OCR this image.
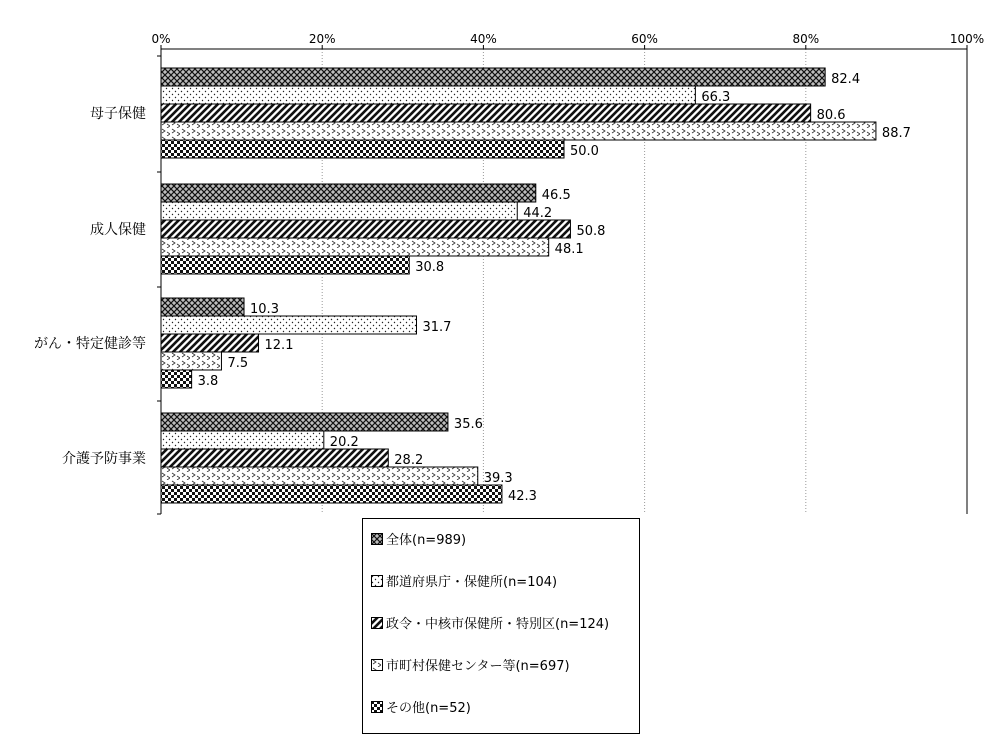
0%	20%	40%	60%	80%	100%
82.4
66.3
80.6
88.7
50.0
母子保健
46.5
44.2
50.8
48.1
30.8
成人保健
10.3
31.7
12.1
7.5
3.8
がん・特定健診等
35.6
20.2
28.2
39.3
42.3
介護予防事業
全体(n=989)
都道府県庁・保健所(n=104)
政令・中核市保健所・特別区(n=124)
市町村保健センター等(n=697)
その他(n=52)
